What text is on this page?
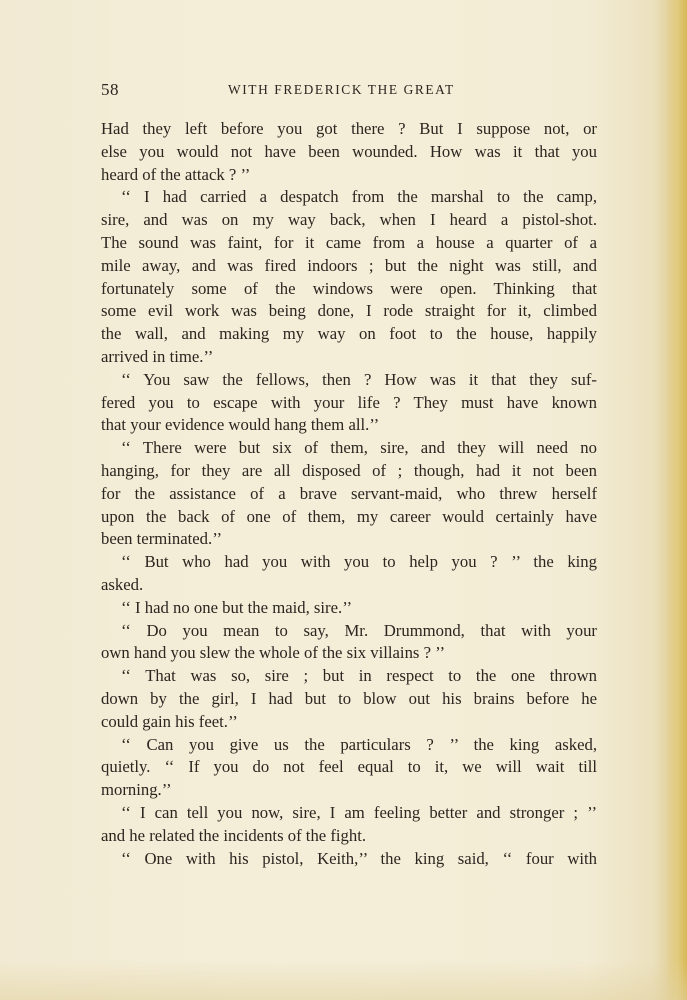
58	WITH FREDERICK THE GREAT
Had they left before you got there ? But I suppose not, or
else you would not have been wounded. How was it that you
heard of the attack ? ’’
‘‘ I had carried a despatch from the marshal to the camp,
sire, and was on my way back, when I heard a pistol-shot.
The sound was faint, for it came from a house a quarter of a
mile away, and was fired indoors ; but the night was still, and
fortunately some of the windows were open. Thinking that
some evil work was being done, I rode straight for it, climbed
the wall, and making my way on foot to the house, happily
arrived in time.’’
‘‘ You saw the fellows, then ? How was it that they suf-
fered you to escape with your life ? They must have known
that your evidence would hang them all.’’
‘‘ There were but six of them, sire, and they will need no
hanging, for they are all disposed of ; though, had it not been
for the assistance of a brave servant-maid, who threw herself
upon the back of one of them, my career would certainly have
been terminated.’’
‘‘ But who had you with you to help you ? ’’ the king
asked.
‘‘ I had no one but the maid, sire.’’
‘‘ Do you mean to say, Mr. Drummond, that with your
own hand you slew the whole of the six villains ? ’’
‘‘ That was so, sire ; but in respect to the one thrown
down by the girl, I had but to blow out his brains before he
could gain his feet.’’
‘‘ Can you give us the particulars ? ’’ the king asked,
quietly. ‘‘ If you do not feel equal to it, we will wait till
morning.’’
‘‘ I can tell you now, sire, I am feeling better and stronger ; ’’
and he related the incidents of the fight.
‘‘ One with his pistol, Keith,’’ the king said, ‘‘ four with
